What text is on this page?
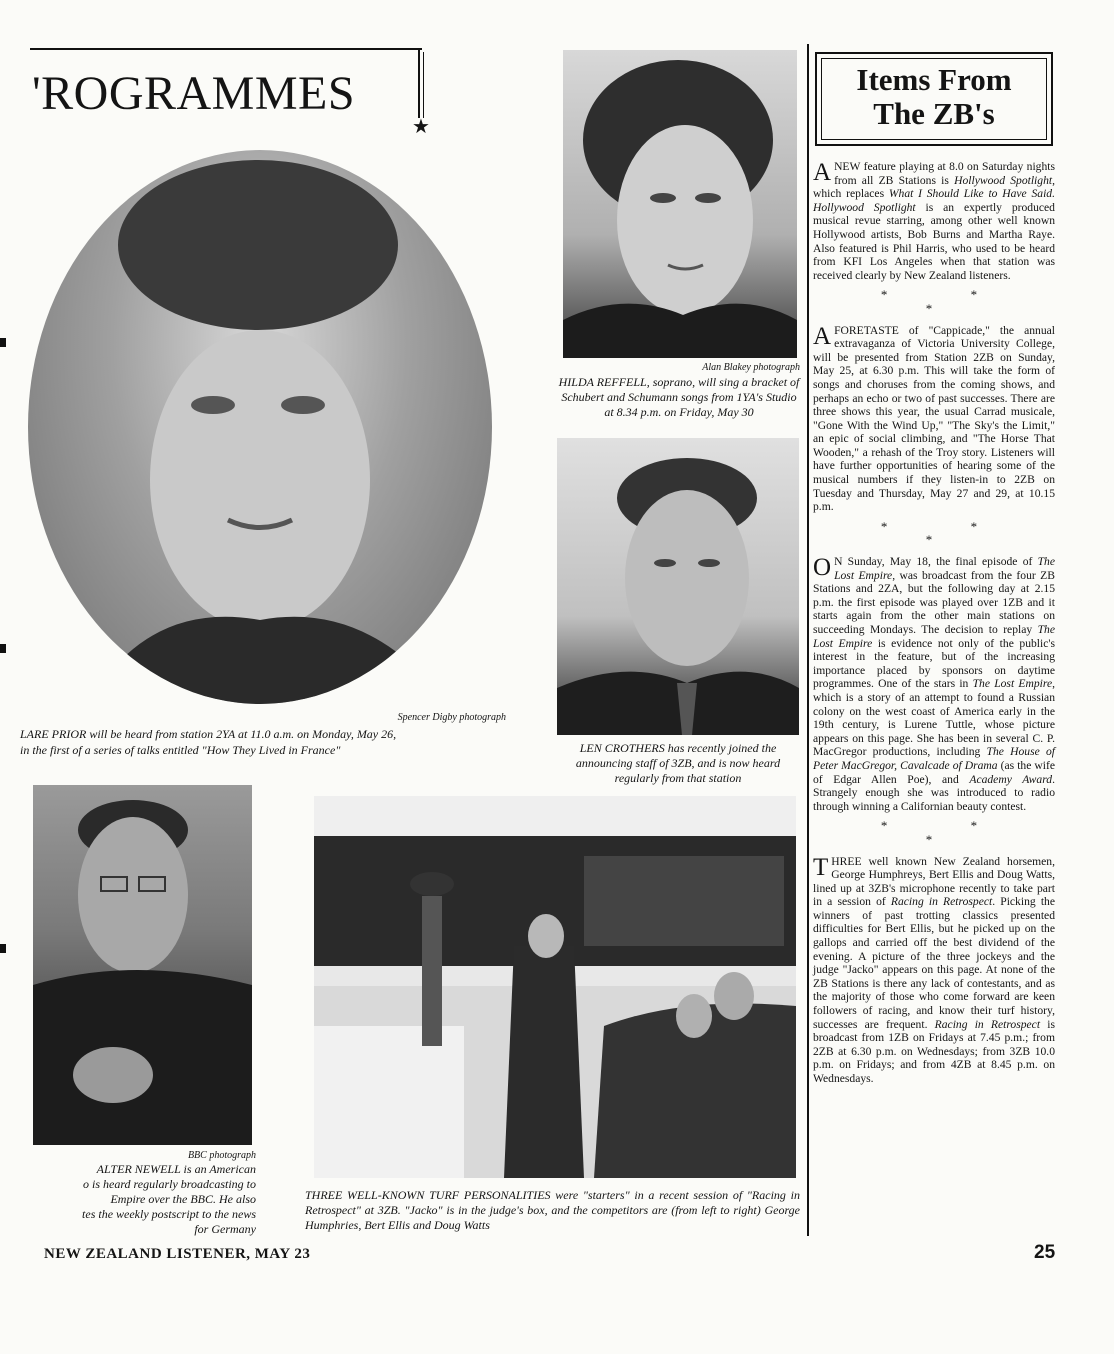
'ROGRAMMES
★
Spencer Digby photograph
LARE PRIOR will be heard from station 2YA at 11.0 a.m. on Monday, May 26,
in the first of a series of talks entitled "How They Lived in France"
Alan Blakey photograph
HILDA REFFELL, soprano, will sing a bracket of Schubert and Schumann songs from 1YA's Studio at 8.34 p.m. on Friday, May 30
LEN CROTHERS has recently joined the announcing staff of 3ZB, and is now heard regularly from that station
BBC photograph
ALTER NEWELL is an American
o is heard regularly broadcasting to
Empire over the BBC. He also
tes the weekly postscript to the news
for Germany
THREE WELL-KNOWN TURF PERSONALITIES were "starters" in a recent session of "Racing in Retrospect" at 3ZB. "Jacko" is in the judge's box, and the competitors are (from left to right) George Humphries, Bert Ellis and Doug Watts
Items From
The ZB's

A NEW feature playing at 8.0 on Saturday nights from all ZB Stations is Hollywood Spotlight, which replaces What I Should Like to Have Said. Hollywood Spotlight is an expertly produced musical revue starring, among other well known Hollywood artists, Bob Burns and Martha Raye. Also featured is Phil Harris, who used to be heard from KFI Los Angeles when that station was received clearly by New Zealand listeners.

* * *

A FORETASTE of "Cappicade," the annual extravaganza of Victoria University College, will be presented from Station 2ZB on Sunday, May 25, at 6.30 p.m. This will take the form of songs and choruses from the coming shows, and perhaps an echo or two of past successes. There are three shows this year, the usual Carrad musicale, "Gone With the Wind Up," "The Sky's the Limit," an epic of social climbing, and "The Horse That Wooden," a rehash of the Troy story. Listeners will have further opportunities of hearing some of the musical numbers if they listen-in to 2ZB on Tuesday and Thursday, May 27 and 29, at 10.15 p.m.

* * *

O N Sunday, May 18, the final episode of The Lost Empire, was broadcast from the four ZB Stations and 2ZA, but the following day at 2.15 p.m. the first episode was played over 1ZB and it starts again from the other main stations on succeeding Mondays. The decision to replay The Lost Empire is evidence not only of the public's interest in the feature, but of the increasing importance placed by sponsors on daytime programmes. One of the stars in The Lost Empire, which is a story of an attempt to found a Russian colony on the west coast of America early in the 19th century, is Lurene Tuttle, whose picture appears on this page. She has been in several C. P. MacGregor productions, including The House of Peter MacGregor, Cavalcade of Drama (as the wife of Edgar Allen Poe), and Academy Award. Strangely enough she was introduced to radio through winning a Californian beauty contest.

* * *

THREE well known New Zealand horsemen, George Humphreys, Bert Ellis and Doug Watts, lined up at 3ZB's microphone recently to take part in a session of Racing in Retrospect. Picking the winners of past trotting classics presented difficulties for Bert Ellis, but he picked up on the gallops and carried off the best dividend of the evening. A picture of the three jockeys and the judge "Jacko" appears on this page. At none of the ZB Stations is there any lack of contestants, and as the majority of those who come forward are keen followers of racing, and know their turf history, successes are frequent. Racing in Retrospect is broadcast from 1ZB on Fridays at 7.45 p.m.; from 2ZB at 6.30 p.m. on Wednesdays; from 3ZB 10.0 p.m. on Fridays; and from 4ZB at 8.45 p.m. on Wednesdays.

NEW ZEALAND LISTENER, MAY 23	25
